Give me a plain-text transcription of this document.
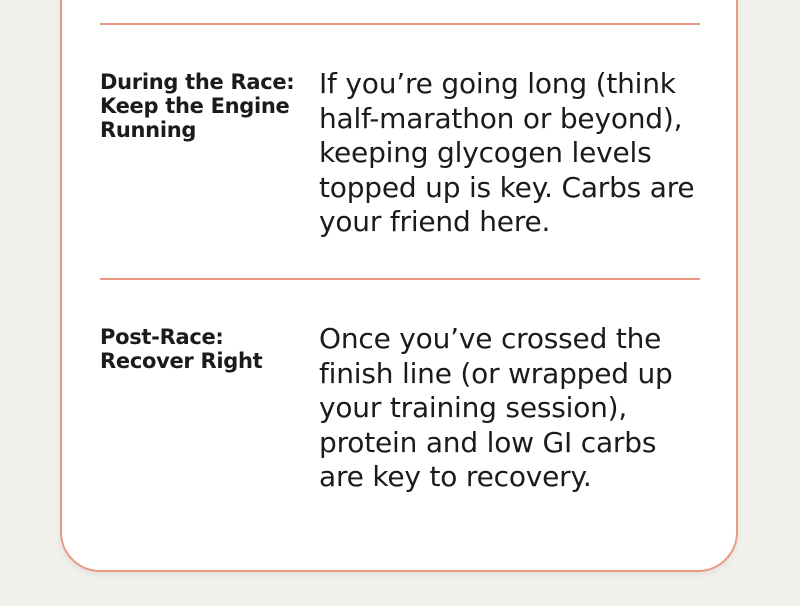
During the Race: Keep the Engine Running
If you’re going long (think half-marathon or beyond), keeping glycogen levels topped up is key. Carbs are your friend here.
Post-Race: Recover Right
Once you’ve crossed the finish line (or wrapped up your training session), protein and low GI carbs are key to recovery.
